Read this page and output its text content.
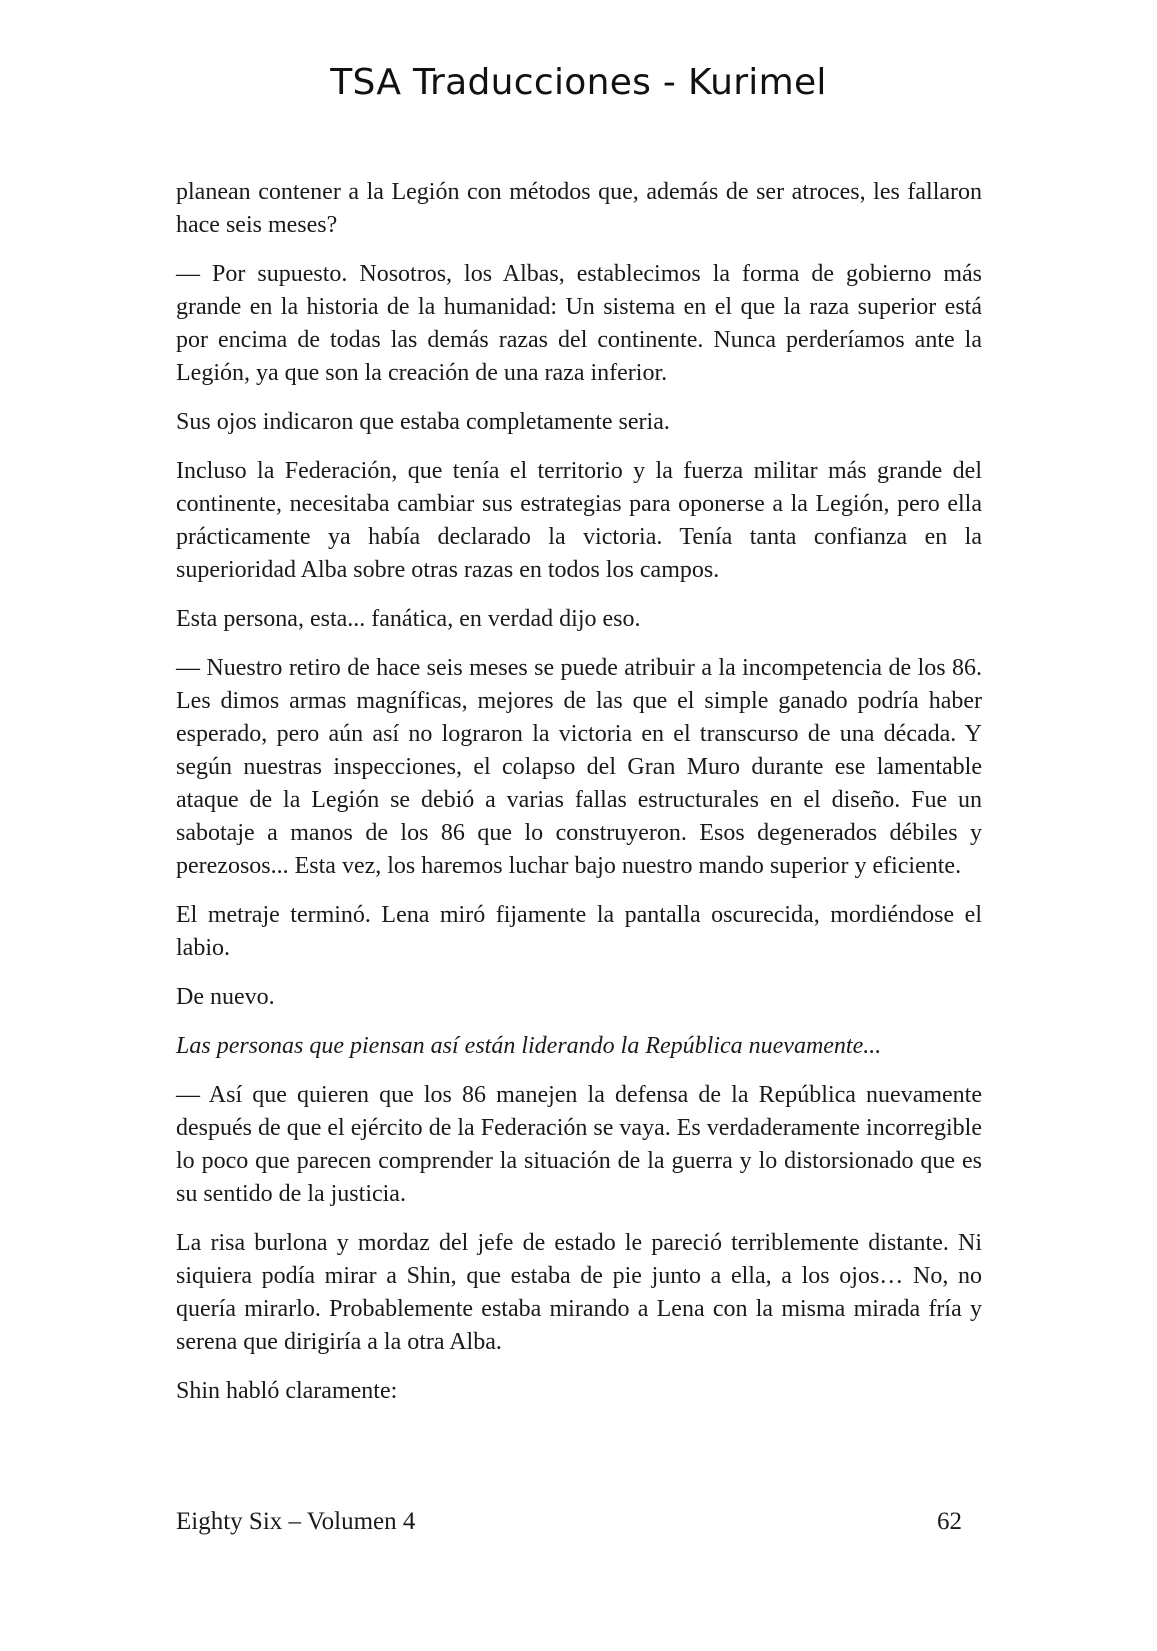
TSA Traducciones - Kurimel

planean contener a la Legión con métodos que, además de ser atroces, les fallaron hace seis meses?

— Por supuesto. Nosotros, los Albas, establecimos la forma de gobierno más grande en la historia de la humanidad: Un sistema en el que la raza superior está por encima de todas las demás razas del continente. Nunca perderíamos ante la Legión, ya que son la creación de una raza inferior.

Sus ojos indicaron que estaba completamente seria.

Incluso la Federación, que tenía el territorio y la fuerza militar más grande del continente, necesitaba cambiar sus estrategias para oponerse a la Legión, pero ella prácticamente ya había declarado la victoria. Tenía tanta confianza en la superioridad Alba sobre otras razas en todos los campos.

Esta persona, esta... fanática, en verdad dijo eso.

— Nuestro retiro de hace seis meses se puede atribuir a la incompetencia de los 86. Les dimos armas magníficas, mejores de las que el simple ganado podría haber esperado, pero aún así no lograron la victoria en el transcurso de una década. Y según nuestras inspecciones, el colapso del Gran Muro durante ese lamentable ataque de la Legión se debió a varias fallas estructurales en el diseño. Fue un sabotaje a manos de los 86 que lo construyeron. Esos degenerados débiles y perezosos... Esta vez, los haremos luchar bajo nuestro mando superior y eficiente.

El metraje terminó. Lena miró fijamente la pantalla oscurecida, mordiéndose el labio.

De nuevo.

Las personas que piensan así están liderando la República nuevamente...

— Así que quieren que los 86 manejen la defensa de la República nuevamente después de que el ejército de la Federación se vaya. Es verdaderamente incorregible lo poco que parecen comprender la situación de la guerra y lo distorsionado que es su sentido de la justicia.

La risa burlona y mordaz del jefe de estado le pareció terriblemente distante. Ni siquiera podía mirar a Shin, que estaba de pie junto a ella, a los ojos… No, no quería mirarlo. Probablemente estaba mirando a Lena con la misma mirada fría y serena que dirigiría a la otra Alba.

Shin habló claramente:

Eighty Six – Volumen 4	62
